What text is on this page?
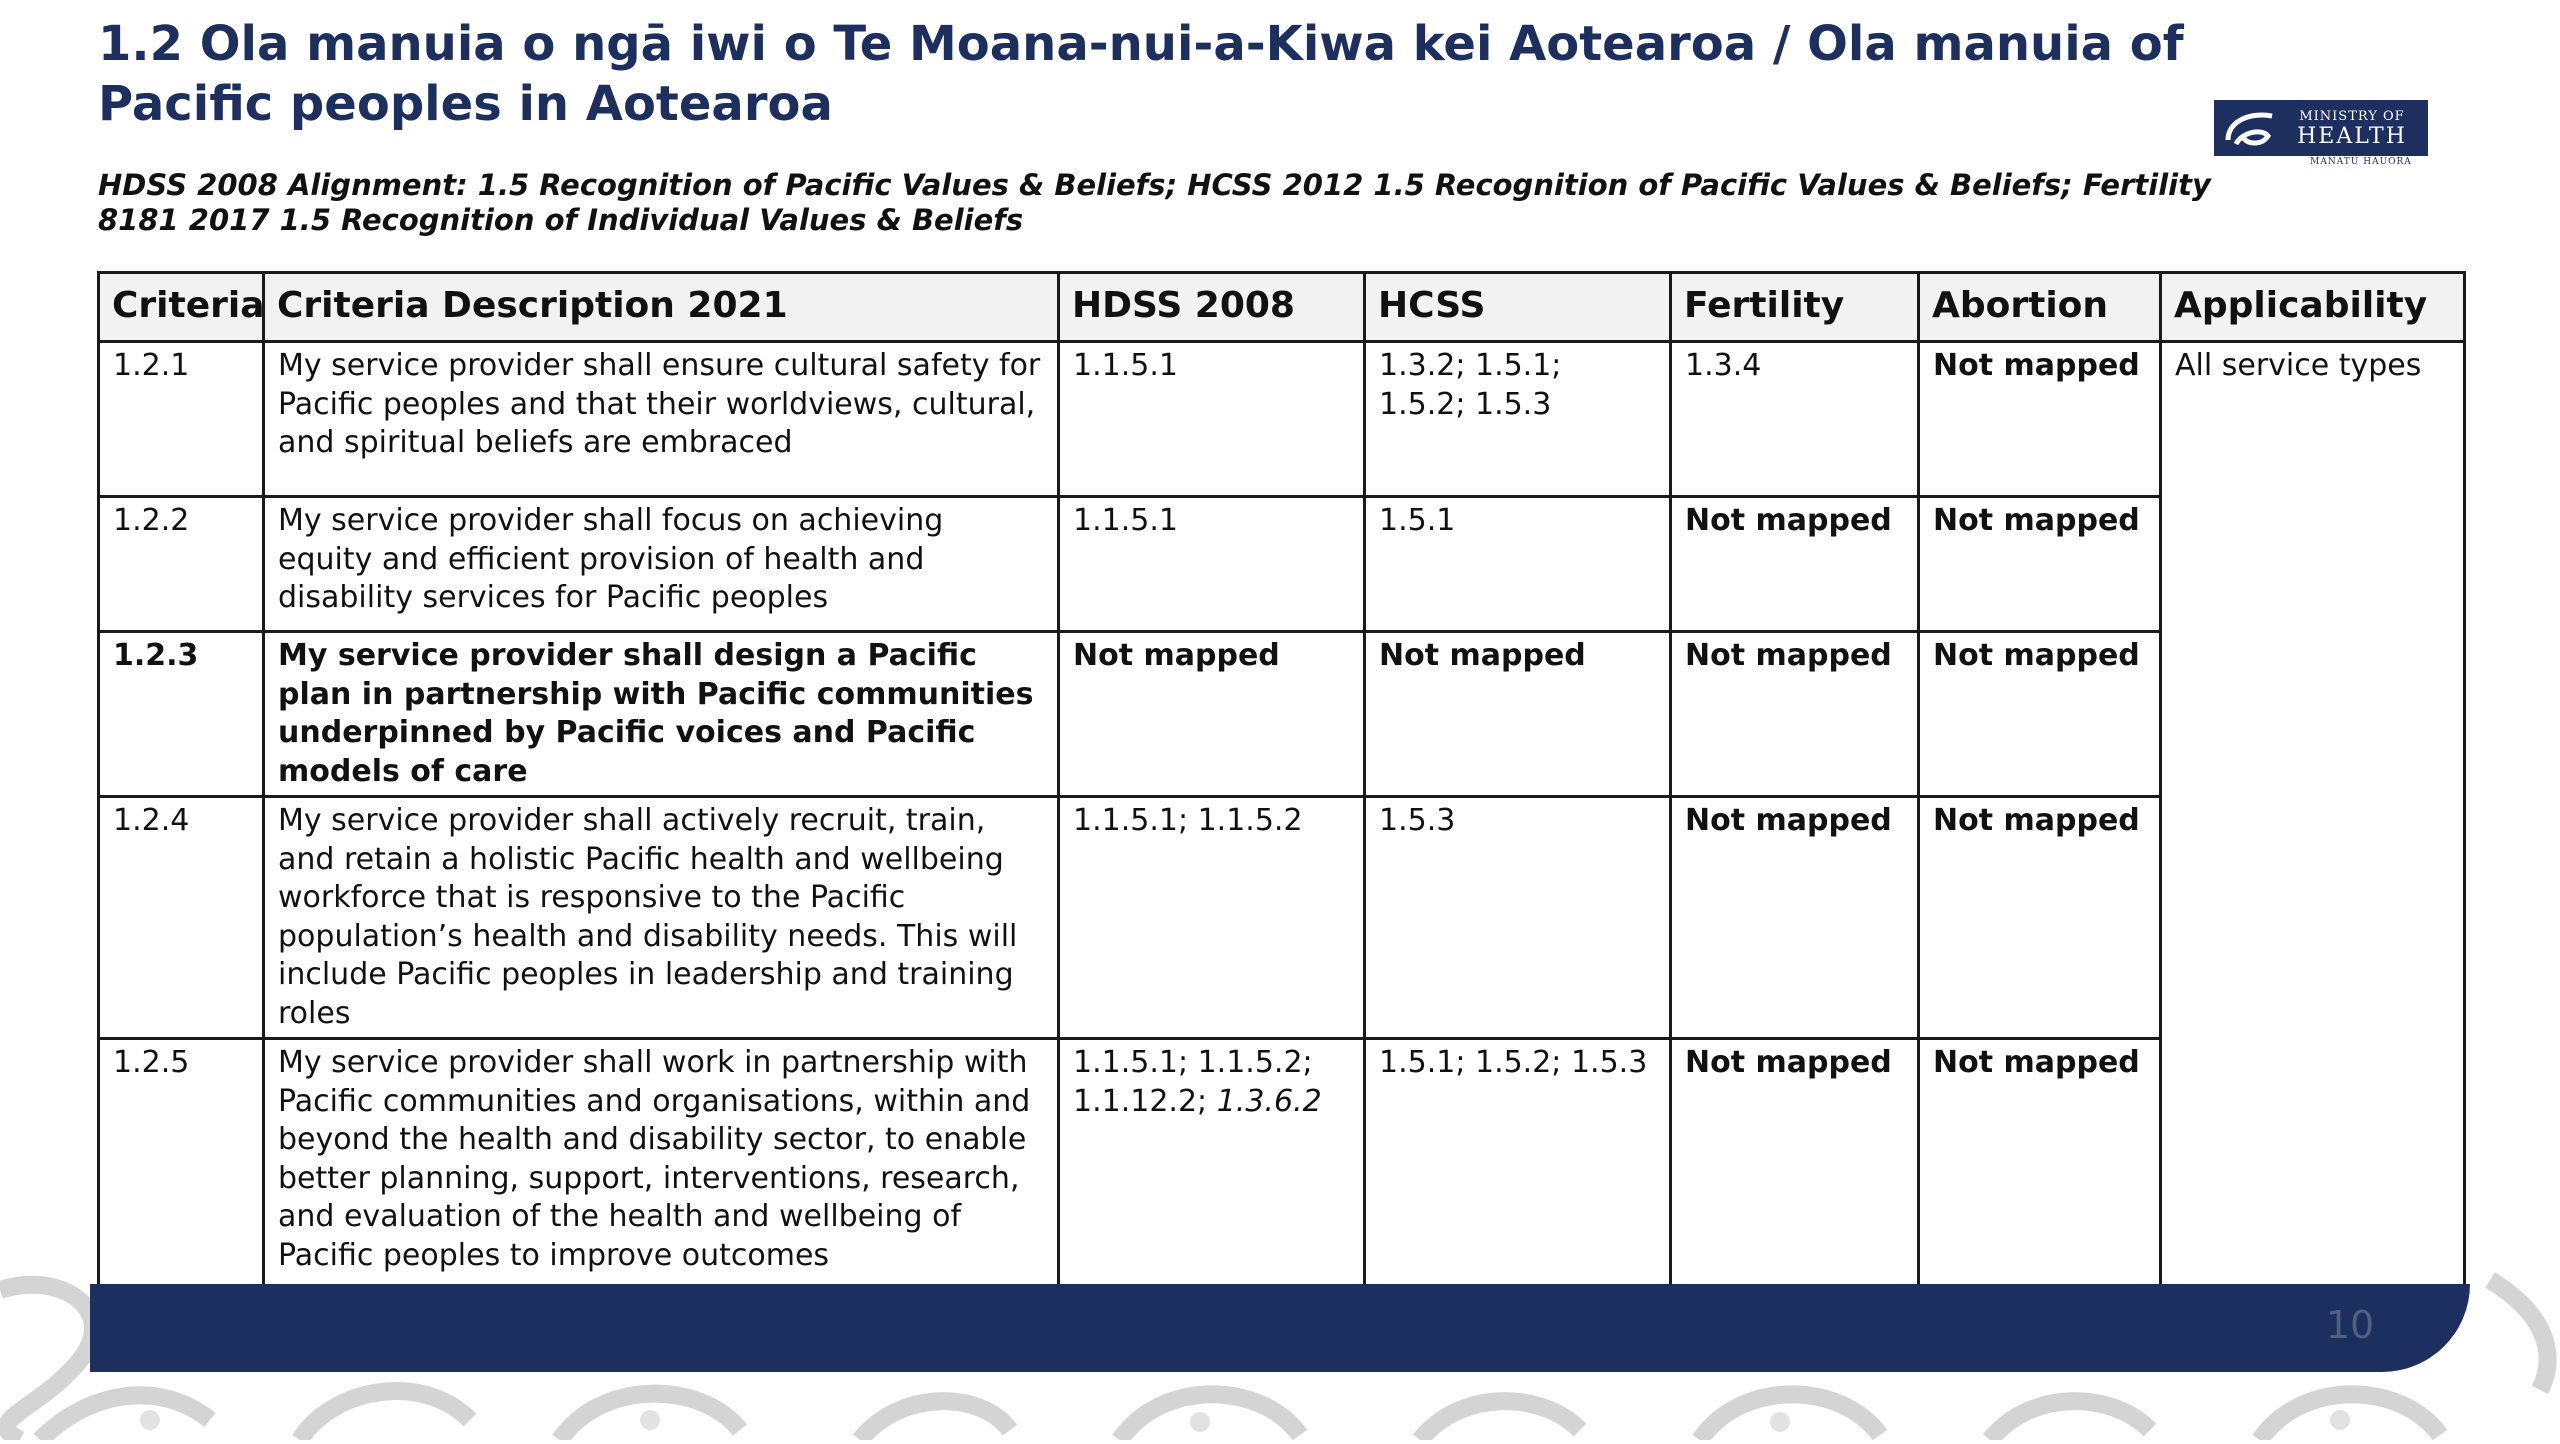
1.2 Ola manuia o ngā iwi o Te Moana-nui-a-Kiwa kei Aotearoa / Ola manuia of Pacific peoples in Aotearoa	MINISTRY OF
HEALTH
MANATŪ HAUORA

HDSS 2008 Alignment: 1.5 Recognition of Pacific Values & Beliefs; HCSS 2012 1.5 Recognition of Pacific Values & Beliefs; Fertility 8181 2017 1.5 Recognition of Individual Values & Beliefs

Criteria	Criteria Description 2021	HDSS 2008	HCSS	Fertility	Abortion	Applicability
1.2.1	My service provider shall ensure cultural safety for Pacific peoples and that their worldviews, cultural, and spiritual beliefs are embraced	1.1.5.1	1.3.2; 1.5.1; 1.5.2; 1.5.3	1.3.4	Not mapped	All service types
1.2.2	My service provider shall focus on achieving equity and efficient provision of health and disability services for Pacific peoples	1.1.5.1	1.5.1	Not mapped	Not mapped	
1.2.3	My service provider shall design a Pacific plan in partnership with Pacific communities underpinned by Pacific voices and Pacific models of care	Not mapped	Not mapped	Not mapped	Not mapped	
1.2.4	My service provider shall actively recruit, train, and retain a holistic Pacific health and wellbeing workforce that is responsive to the Pacific population’s health and disability needs. This will include Pacific peoples in leadership and training roles	1.1.5.1; 1.1.5.2	1.5.3	Not mapped	Not mapped	
1.2.5	My service provider shall work in partnership with Pacific communities and organisations, within and beyond the health and disability sector, to enable better planning, support, interventions, research, and evaluation of the health and wellbeing of Pacific peoples to improve outcomes	1.1.5.1; 1.1.5.2; 1.1.12.2; 1.3.6.2	1.5.1; 1.5.2; 1.5.3	Not mapped	Not mapped	
10
